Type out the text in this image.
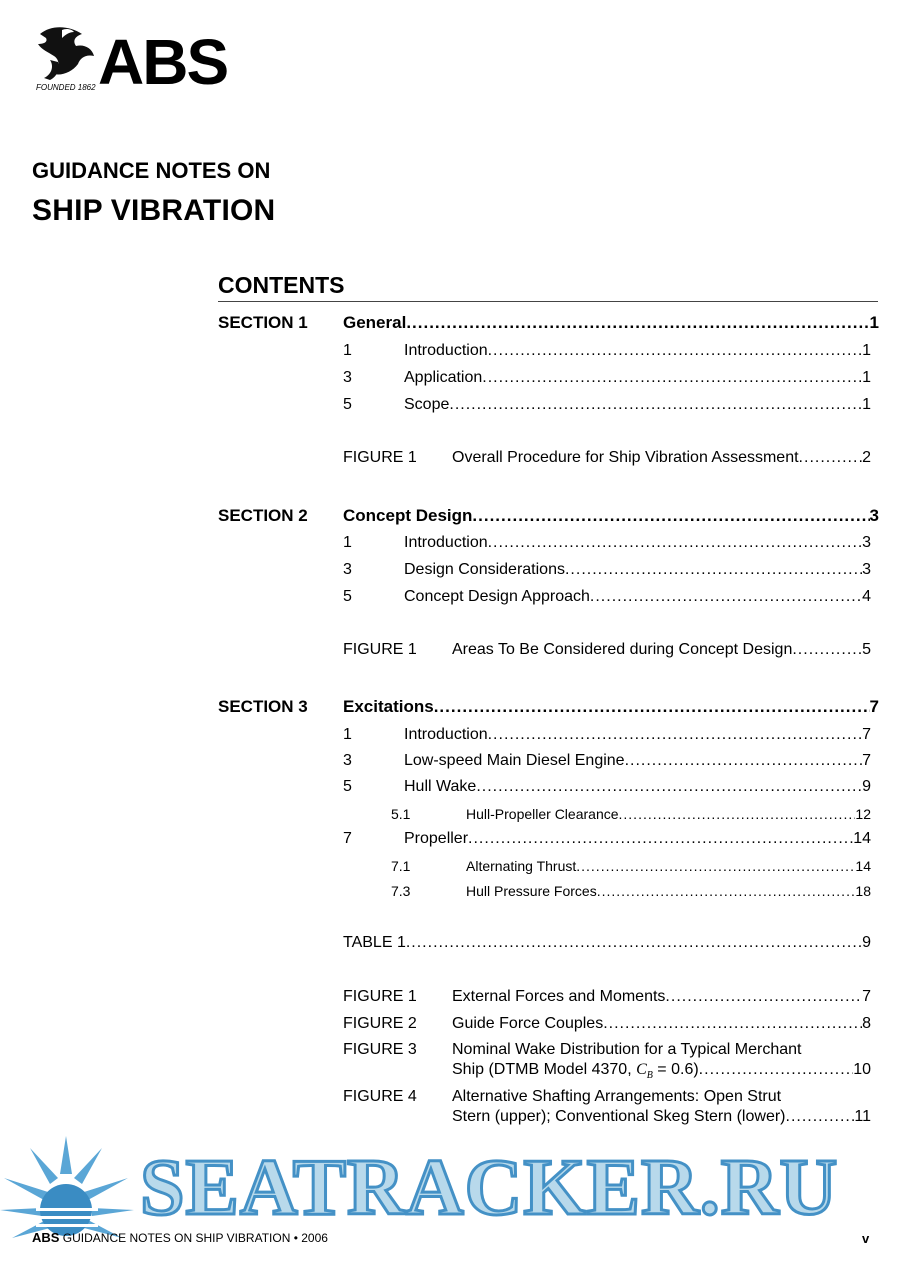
ABS
FOUNDED 1862
GUIDANCE NOTES ON
SHIP VIBRATION
CONTENTS
SECTION 1 General .....	1
1	Introduction .....	1
3	Application .....	1
5	Scope .....	1
FIGURE 1 Overall Procedure for Ship Vibration Assessment .....	2
SECTION 2 Concept Design .....	3
1	Introduction .....	3
3	Design Considerations .....	3
5	Concept Design Approach .....	4
FIGURE 1 Areas To Be Considered during Concept Design .....	5
SECTION 3 Excitations .....	7
1	Introduction .....	7
3	Low-speed Main Diesel Engine .....	7
5	Hull Wake .....	9
5.1	Hull-Propeller Clearance .....	12
7	Propeller .....	14
7.1	Alternating Thrust .....	14
7.3	Hull Pressure Forces .....	18
TABLE 1 .....	9
FIGURE 1 External Forces and Moments .....	7
FIGURE 2 Guide Force Couples .....	8
FIGURE 3 Nominal Wake Distribution for a Typical Merchant
Ship (DTMB Model 4370, $C_B = 0.6$) .....	10
FIGURE 4 Alternative Shafting Arrangements: Open Strut
Stern (upper); Conventional Skeg Stern (lower) .....	11
SEATRACKER.RU
ABS GUIDANCE NOTES ON SHIP VIBRATION • 2006	v
